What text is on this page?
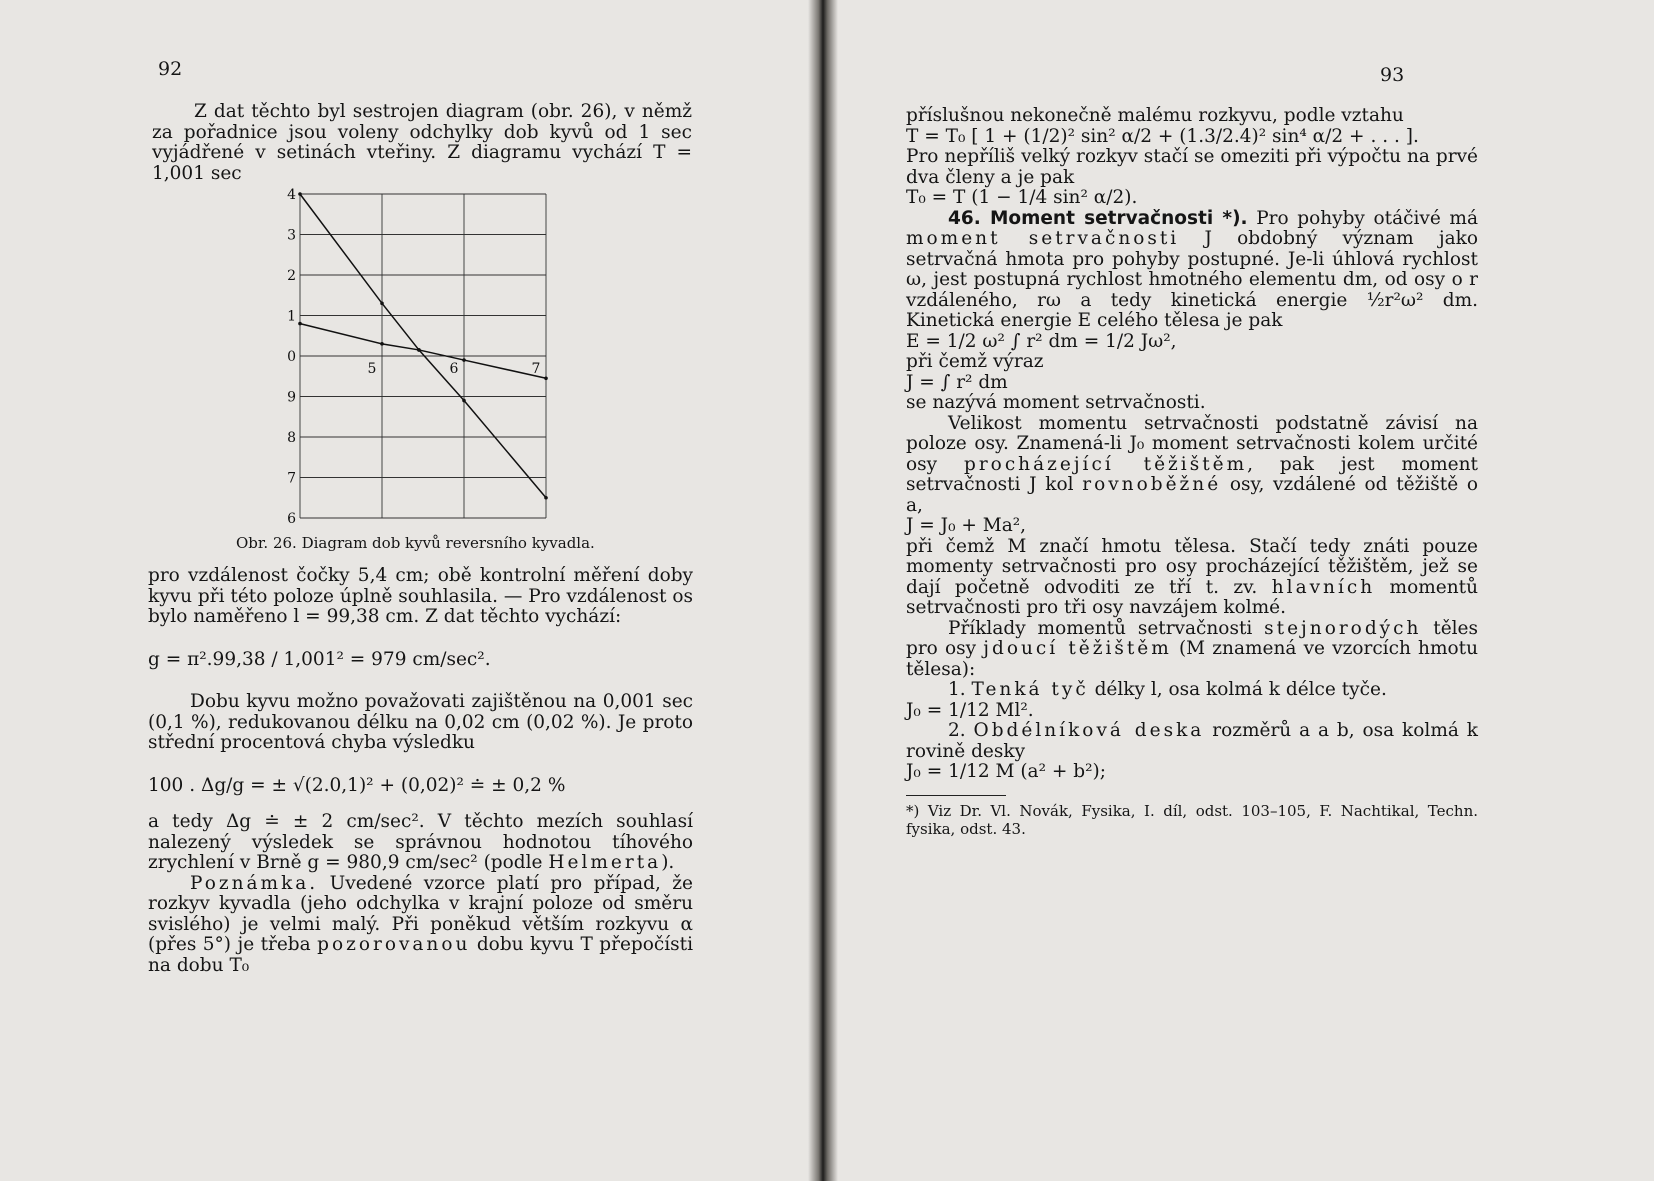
92

Z dat těchto byl sestrojen diagram (obr. 26), v němž za pořadnice jsou voleny odchylky dob kyvů od 1 sec vyjádřené v setinách vteřiny. Z diagramu vychází T = 1,001 sec

4
3
2
1
0
9
8
7
6
5	6	7
Obr. 26. Diagram dob kyvů reversního kyvadla.

pro vzdálenost čočky 5,4 cm; obě kontrolní měření doby kyvu při této poloze úplně souhlasila. — Pro vzdálenost os bylo naměřeno l = 99,38 cm. Z dat těchto vychází:

g = π².99,38 / 1,001² = 979 cm/sec².

Dobu kyvu možno považovati zajištěnou na 0,001 sec (0,1 %), redukovanou délku na 0,02 cm (0,02 %). Je proto střední procentová chyba výsledku

100 . Δg/g = ± √(2.0,1)² + (0,02)² ≐ ± 0,2 %

a tedy Δg ≐ ± 2 cm/sec². V těchto mezích souhlasí nalezený výsledek se správnou hodnotou tíhového zrychlení v Brně g = 980,9 cm/sec² (podle Helmerta).

Poznámka. Uvedené vzorce platí pro případ, že rozkyv kyvadla (jeho odchylka v krajní poloze od směru svislého) je velmi malý. Při poněkud větším rozkyvu α (přes 5°) je třeba pozorovanou dobu kyvu T přepočísti na dobu T₀

93

příslušnou nekonečně malému rozkyvu, podle vztahu

T = T₀ [ 1 + (1/2)² sin² α/2 + (1.3/2.4)² sin⁴ α/2 + . . . ].

Pro nepříliš velký rozkyv stačí se omeziti při výpočtu na prvé dva členy a je pak

T₀ = T (1 − 1/4 sin² α/2).

46. Moment setrvačnosti *). Pro pohyby otáčivé má moment setrvačnosti J obdobný význam jako setrvačná hmota pro pohyby postupné. Je-li úhlová rychlost ω, jest postupná rychlost hmotného elementu dm, od osy o r vzdáleného, rω a tedy kinetická energie ½r²ω² dm. Kinetická energie E celého tělesa je pak

E = 1/2 ω² ∫ r² dm = 1/2 Jω²,

při čemž výraz

J = ∫ r² dm

se nazývá moment setrvačnosti.

Velikost momentu setrvačnosti podstatně závisí na poloze osy. Znamená-li J₀ moment setrvačnosti kolem určité osy procházející těžištěm, pak jest moment setrvačnosti J kol rovnoběžné osy, vzdálené od těžiště o a,

J = J₀ + Ma²,

při čemž M značí hmotu tělesa. Stačí tedy znáti pouze momenty setrvačnosti pro osy procházející těžištěm, jež se dají početně odvoditi ze tří t. zv. hlavních momentů setrvačnosti pro tři osy navzájem kolmé.

Příklady momentů setrvačnosti stejnorodých těles pro osy jdoucí těžištěm (M znamená ve vzorcích hmotu tělesa):

1. Tenká tyč délky l, osa kolmá k délce tyče.

J₀ = 1/12 Ml².

2. Obdélníková deska rozměrů a a b, osa kolmá k rovině desky

J₀ = 1/12 M (a² + b²);

*) Viz Dr. Vl. Novák, Fysika, I. díl, odst. 103–105, F. Nachtikal, Techn. fysika, odst. 43.
